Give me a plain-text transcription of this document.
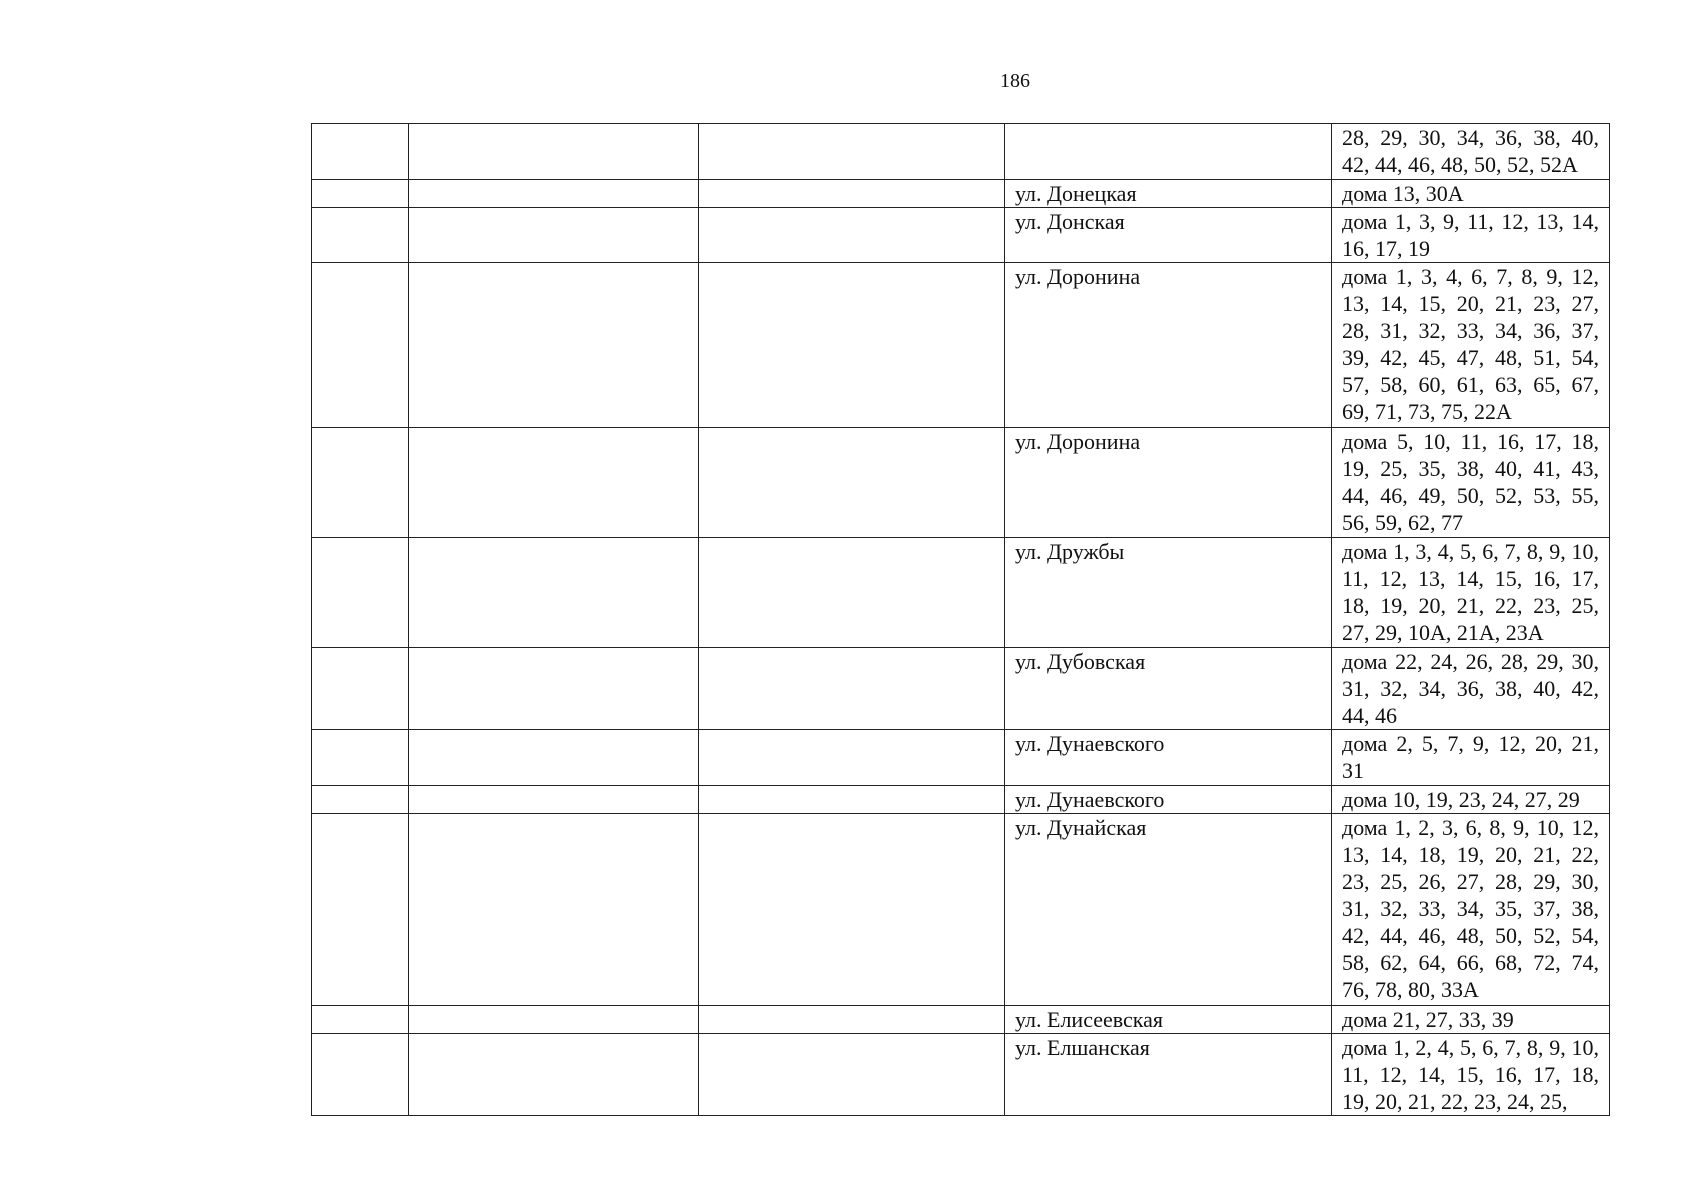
186
				28, 29, 30, 34, 36, 38, 40, 42, 44, 46, 48, 50, 52, 52А
			ул. Донецкая	дома 13, 30А
			ул. Донская	дома 1, 3, 9, 11, 12, 13, 14, 16, 17, 19
			ул. Доронина	дома 1, 3, 4, 6, 7, 8, 9, 12, 13, 14, 15, 20, 21, 23, 27, 28, 31, 32, 33, 34, 36, 37, 39, 42, 45, 47, 48, 51, 54, 57, 58, 60, 61, 63, 65, 67, 69, 71, 73, 75, 22А
			ул. Доронина	дома 5, 10, 11, 16, 17, 18, 19, 25, 35, 38, 40, 41, 43, 44, 46, 49, 50, 52, 53, 55, 56, 59, 62, 77
			ул. Дружбы	дома 1, 3, 4, 5, 6, 7, 8, 9, 10, 11, 12, 13, 14, 15, 16, 17, 18, 19, 20, 21, 22, 23, 25, 27, 29, 10А, 21А, 23А
			ул. Дубовская	дома 22, 24, 26, 28, 29, 30, 31, 32, 34, 36, 38, 40, 42, 44, 46
			ул. Дунаевского	дома 2, 5, 7, 9, 12, 20, 21, 31
			ул. Дунаевского	дома 10, 19, 23, 24, 27, 29
			ул. Дунайская	дома 1, 2, 3, 6, 8, 9, 10, 12, 13, 14, 18, 19, 20, 21, 22, 23, 25, 26, 27, 28, 29, 30, 31, 32, 33, 34, 35, 37, 38, 42, 44, 46, 48, 50, 52, 54, 58, 62, 64, 66, 68, 72, 74, 76, 78, 80, 33А
			ул. Елисеевская	дома 21, 27, 33, 39
			ул. Елшанская	дома 1, 2, 4, 5, 6, 7, 8, 9, 10, 11, 12, 14, 15, 16, 17, 18, 19, 20, 21, 22, 23, 24, 25,
